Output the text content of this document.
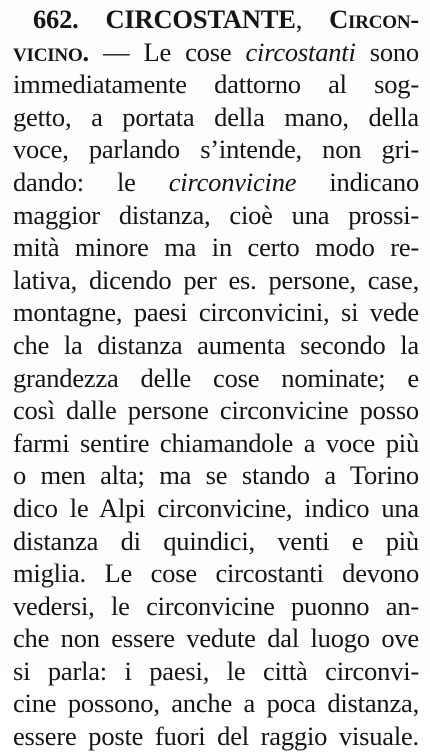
662. CIRCOSTANTE, Circon-
vicino. — Le cose circostanti sono
immediatamente dattorno al sog-
getto, a portata della mano, della
voce, parlando s’intende, non gri-
dando: le circonvicine indicano
maggior distanza, cioè una prossi-
mità minore ma in certo modo re-
lativa, dicendo per es. persone, case,
montagne, paesi circonvicini, si vede
che la distanza aumenta secondo la
grandezza delle cose nominate; e
così dalle persone circonvicine posso
farmi sentire chiamandole a voce più
o men alta; ma se stando a Torino
dico le Alpi circonvicine, indico una
distanza di quindici, venti e più
miglia. Le cose circostanti devono
vedersi, le circonvicine puonno an-
che non essere vedute dal luogo ove
si parla: i paesi, le città circonvi-
cine possono, anche a poca distanza,
essere poste fuori del raggio visuale.
